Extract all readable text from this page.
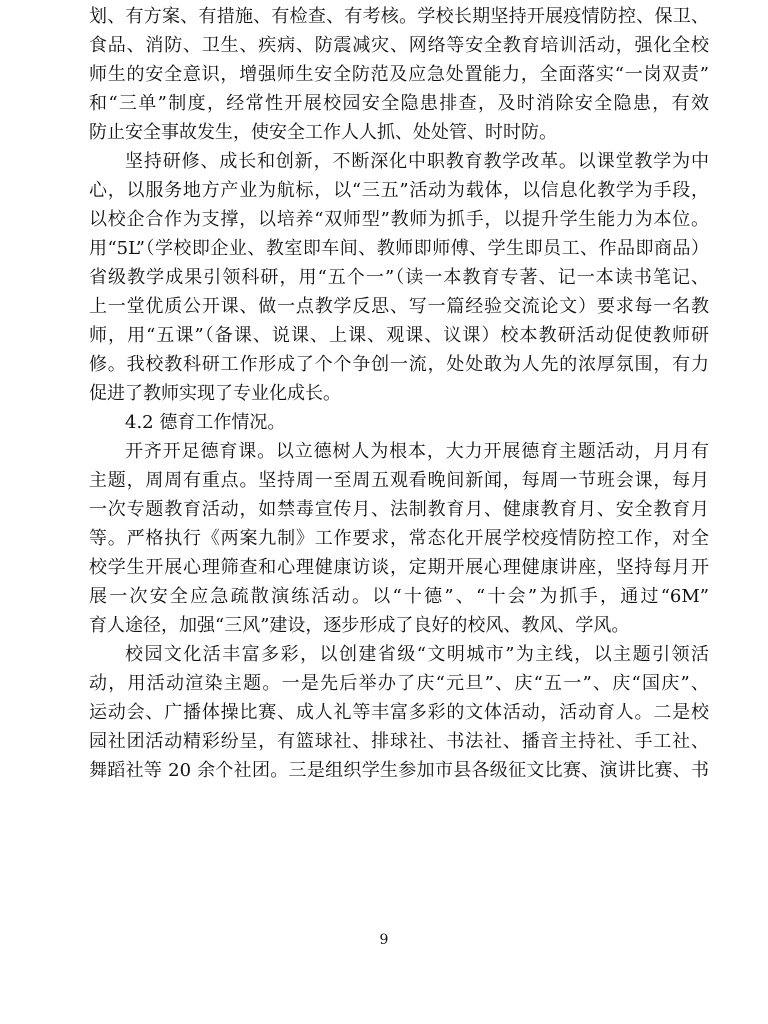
划、有方案、有措施、有检查、有考核。学校长期坚持开展疫情防控、保卫、
食品、消防、卫生、疾病、防震减灾、网络等安全教育培训活动，强化全校
师生的安全意识，增强师生安全防范及应急处置能力，全面落实“一岗双责”
和“三单”制度，经常性开展校园安全隐患排查，及时消除安全隐患，有效
防止安全事故发生，使安全工作人人抓、处处管、时时防。
坚持研修、成长和创新，不断深化中职教育教学改革。以课堂教学为中
心，以服务地方产业为航标，以“三五”活动为载体，以信息化教学为手段，
以校企合作为支撑，以培养“双师型”教师为抓手，以提升学生能力为本位。
用“5L”（学校即企业、教室即车间、教师即师傅、学生即员工、作品即商品）
省级教学成果引领科研，用“五个一”（读一本教育专著、记一本读书笔记、
上一堂优质公开课、做一点教学反思、写一篇经验交流论文）要求每一名教
师，用“五课”（备课、说课、上课、观课、议课）校本教研活动促使教师研
修。我校教科研工作形成了个个争创一流，处处敢为人先的浓厚氛围，有力
促进了教师实现了专业化成长。
4.2 德育工作情况。
开齐开足德育课。以立德树人为根本，大力开展德育主题活动，月月有
主题，周周有重点。坚持周一至周五观看晚间新闻，每周一节班会课，每月
一次专题教育活动，如禁毒宣传月、法制教育月、健康教育月、安全教育月
等。严格执行《两案九制》工作要求，常态化开展学校疫情防控工作，对全
校学生开展心理筛查和心理健康访谈，定期开展心理健康讲座，坚持每月开
展一次安全应急疏散演练活动。以“十德”、“十会”为抓手，通过“6M”
育人途径，加强“三风”建设，逐步形成了良好的校风、教风、学风。
校园文化活丰富多彩，以创建省级“文明城市”为主线，以主题引领活
动，用活动渲染主题。一是先后举办了庆“元旦”、庆“五一”、庆“国庆”、
运动会、广播体操比赛、成人礼等丰富多彩的文体活动，活动育人。二是校
园社团活动精彩纷呈，有篮球社、排球社、书法社、播音主持社、手工社、
舞蹈社等 20 余个社团。三是组织学生参加市县各级征文比赛、演讲比赛、书
9
